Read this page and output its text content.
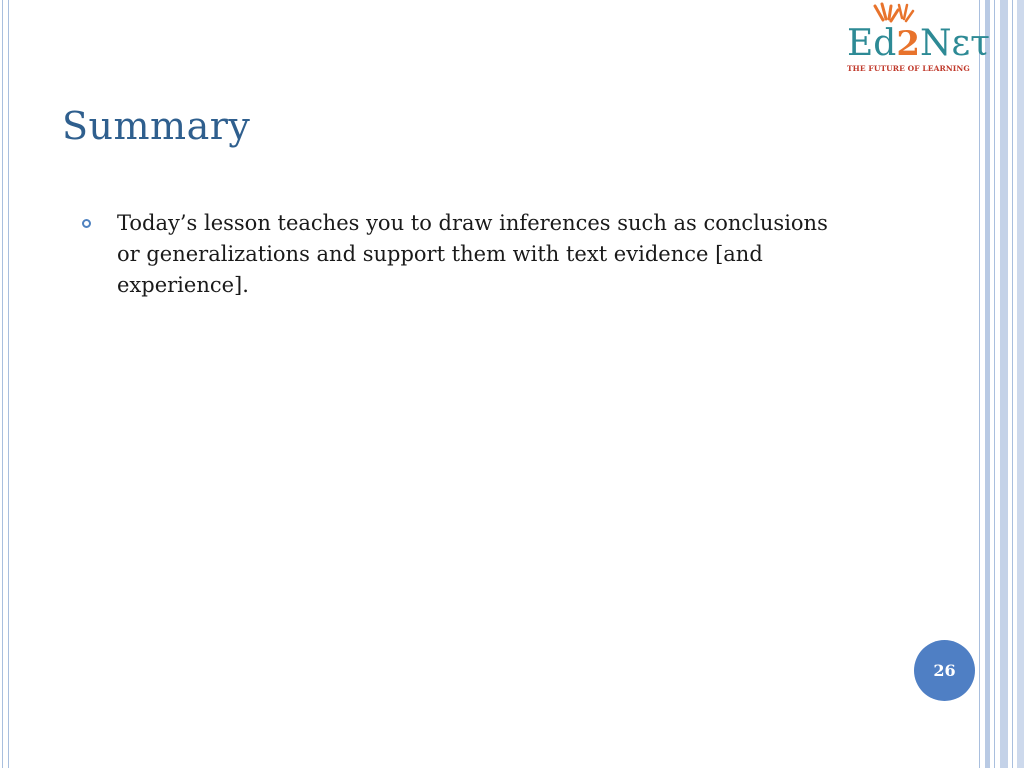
Ed2Nετ
THE FUTURE OF LEARNING
Summary
Today’s lesson teaches you to draw inferences such as conclusions or generalizations and support them with text evidence [and experience].
26
